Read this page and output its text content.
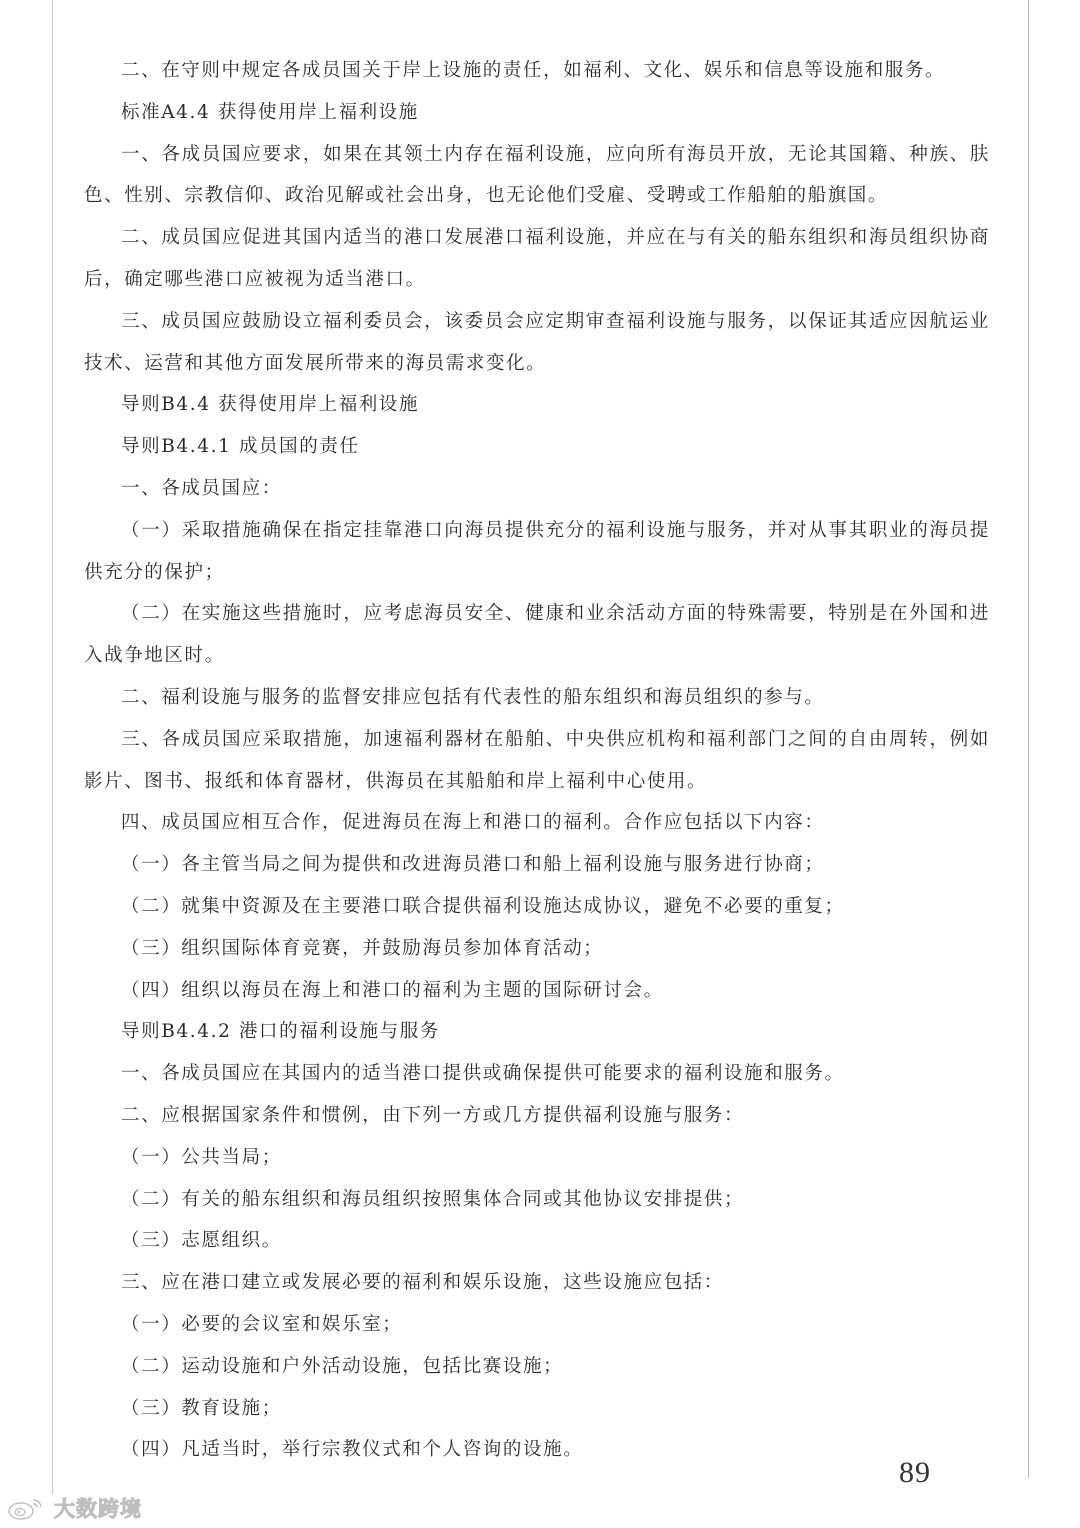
二、在守则中规定各成员国关于岸上设施的责任，如福利、文化、娱乐和信息等设施和服务。

标准A4.4 获得使用岸上福利设施

一、各成员国应要求，如果在其领土内存在福利设施，应向所有海员开放，无论其国籍、种族、肤色、性别、宗教信仰、政治见解或社会出身，也无论他们受雇、受聘或工作船舶的船旗国。

二、成员国应促进其国内适当的港口发展港口福利设施，并应在与有关的船东组织和海员组织协商后，确定哪些港口应被视为适当港口。

三、成员国应鼓励设立福利委员会，该委员会应定期审查福利设施与服务，以保证其适应因航运业技术、运营和其他方面发展所带来的海员需求变化。

导则B4.4 获得使用岸上福利设施

导则B4.4.1 成员国的责任

一、各成员国应：

（一）采取措施确保在指定挂靠港口向海员提供充分的福利设施与服务，并对从事其职业的海员提供充分的保护；

（二）在实施这些措施时，应考虑海员安全、健康和业余活动方面的特殊需要，特别是在外国和进入战争地区时。

二、福利设施与服务的监督安排应包括有代表性的船东组织和海员组织的参与。

三、各成员国应采取措施，加速福利器材在船舶、中央供应机构和福利部门之间的自由周转，例如影片、图书、报纸和体育器材，供海员在其船舶和岸上福利中心使用。

四、成员国应相互合作，促进海员在海上和港口的福利。合作应包括以下内容：

（一）各主管当局之间为提供和改进海员港口和船上福利设施与服务进行协商；

（二）就集中资源及在主要港口联合提供福利设施达成协议，避免不必要的重复；

（三）组织国际体育竞赛，并鼓励海员参加体育活动；

（四）组织以海员在海上和港口的福利为主题的国际研讨会。

导则B4.4.2 港口的福利设施与服务

一、各成员国应在其国内的适当港口提供或确保提供可能要求的福利设施和服务。

二、应根据国家条件和惯例，由下列一方或几方提供福利设施与服务：

（一）公共当局；

（二）有关的船东组织和海员组织按照集体合同或其他协议安排提供；

（三）志愿组织。

三、应在港口建立或发展必要的福利和娱乐设施，这些设施应包括：

（一）必要的会议室和娱乐室；

（二）运动设施和户外活动设施，包括比赛设施；

（三）教育设施；

（四）凡适当时，举行宗教仪式和个人咨询的设施。

89
大数跨境
